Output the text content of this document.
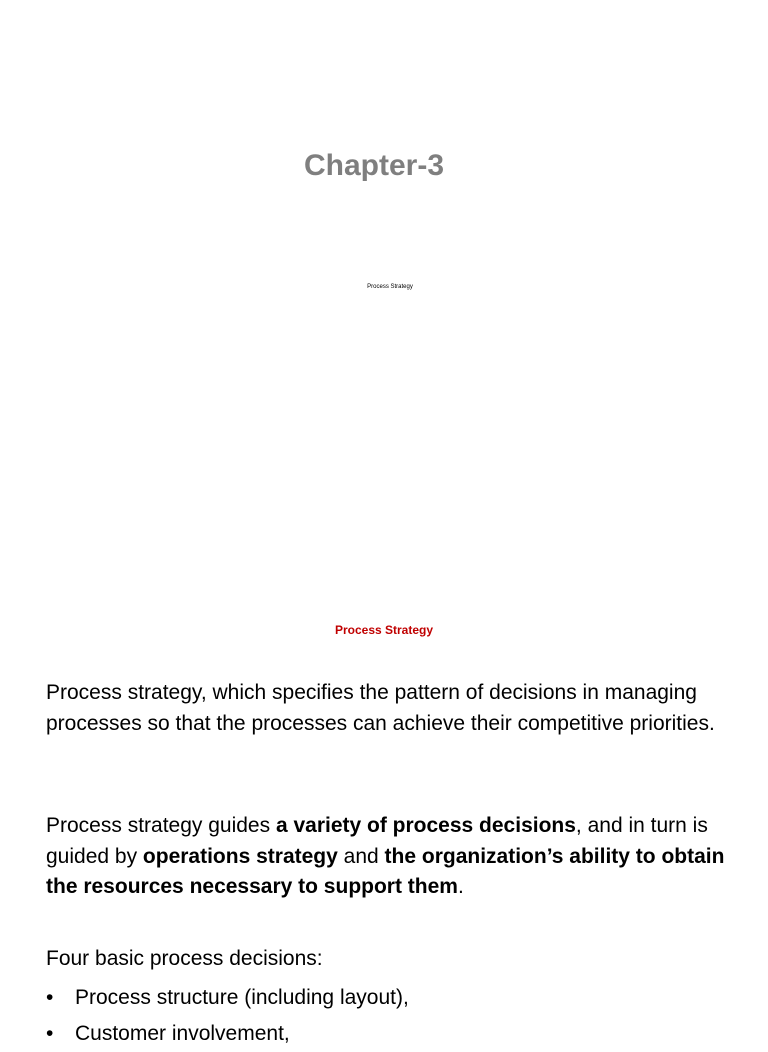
Chapter-3
Process Strategy
Process Strategy

Process strategy, which specifies the pattern of decisions in managing processes so that the processes can achieve their competitive priorities.

Process strategy guides a variety of process decisions, and in turn is guided by operations strategy and the organization’s ability to obtain the resources necessary to support them.

Four basic process decisions:

• Process structure (including layout),
• Customer involvement,
